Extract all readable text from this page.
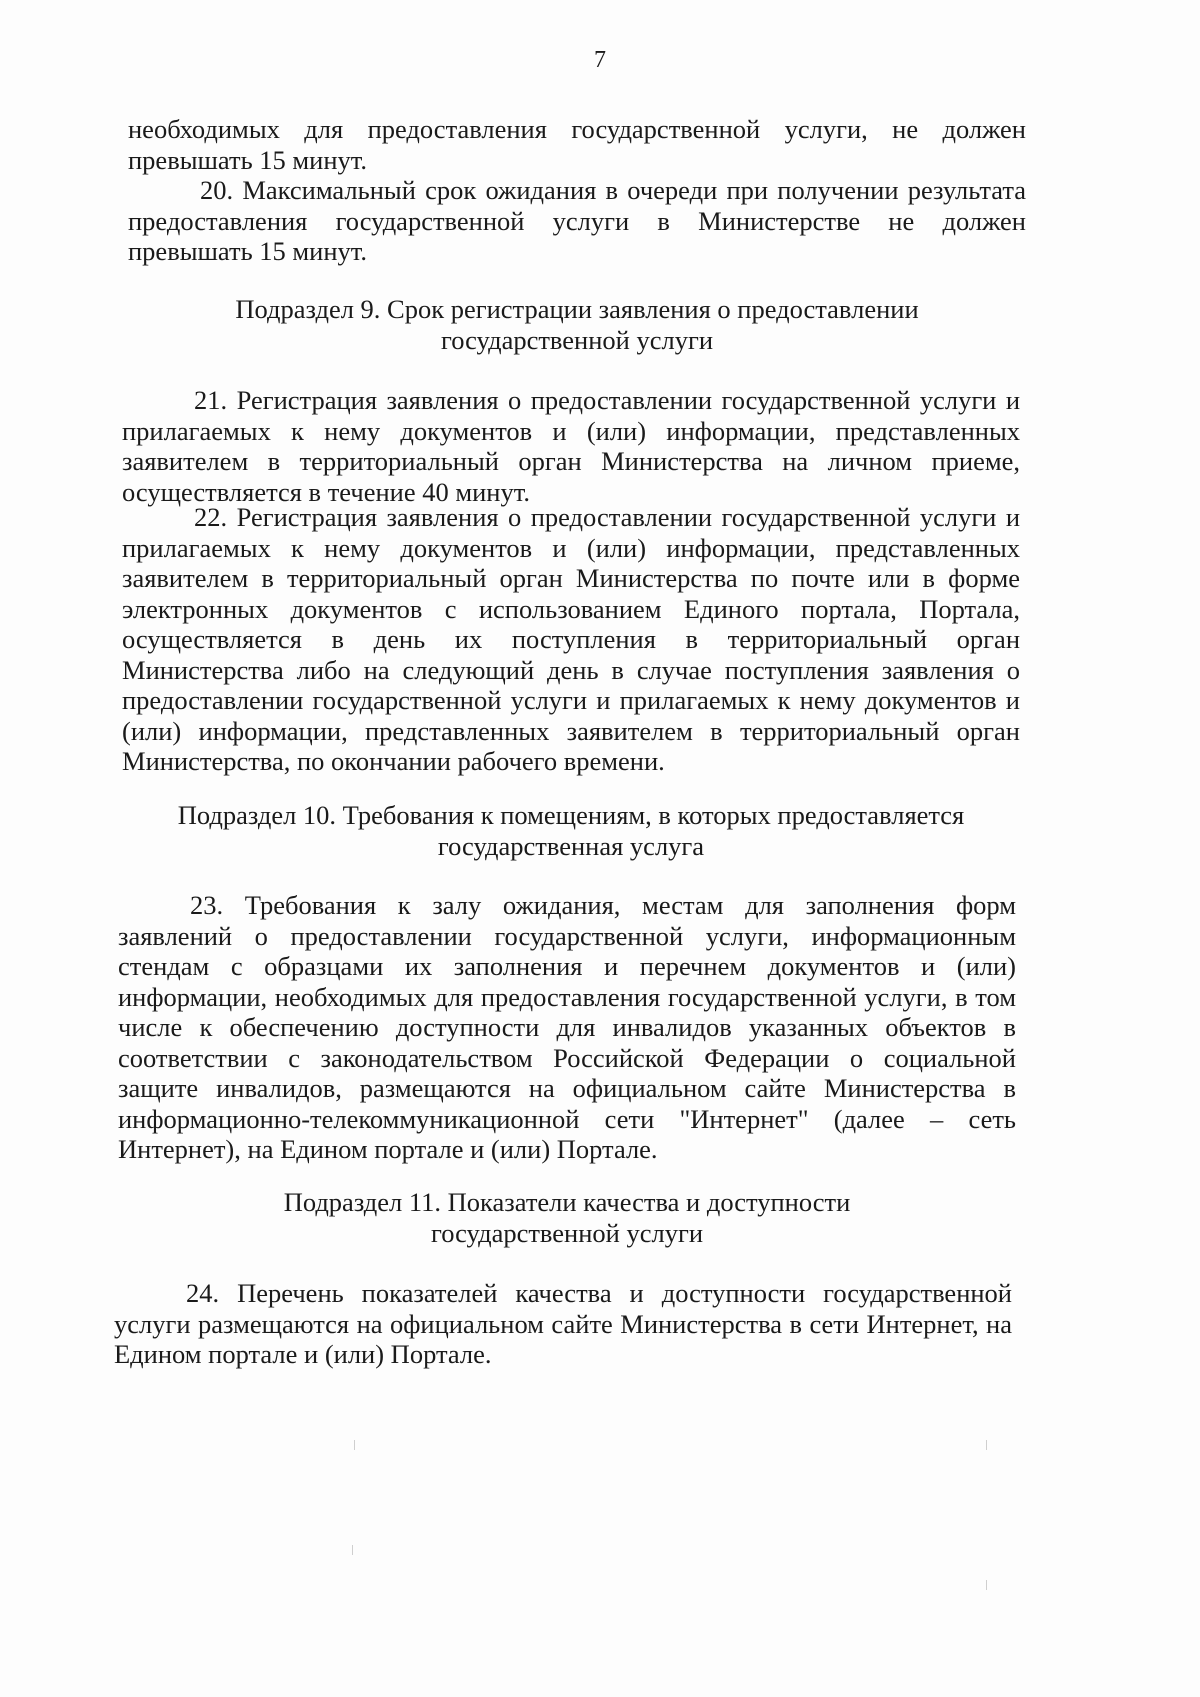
7

необходимых для предоставления государственной услуги, не должен превышать 15 минут.

20. Максимальный срок ожидания в очереди при получении результата предоставления государственной услуги в Министерстве не должен превышать 15 минут.

Подраздел 9. Срок регистрации заявления о предоставлении
государственной услуги

21. Регистрация заявления о предоставлении государственной услуги и прилагаемых к нему документов и (или) информации, представленных заявителем в территориальный орган Министерства на личном приеме, осуществляется в течение 40 минут.

22. Регистрация заявления о предоставлении государственной услуги и прилагаемых к нему документов и (или) информации, представленных заявителем в территориальный орган Министерства по почте или в форме электронных документов с использованием Единого портала, Портала, осуществляется в день их поступления в территориальный орган Министерства либо на следующий день в случае поступления заявления о предоставлении государственной услуги и прилагаемых к нему документов и (или) информации, представленных заявителем в территориальный орган Министерства, по окончании рабочего времени.

Подраздел 10. Требования к помещениям, в которых предоставляется
государственная услуга

23. Требования к залу ожидания, местам для заполнения форм заявлений о предоставлении государственной услуги, информационным стендам с образцами их заполнения и перечнем документов и (или) информации, необходимых для предоставления государственной услуги, в том числе к обеспечению доступности для инвалидов указанных объектов в соответствии с законодательством Российской Федерации о социальной защите инвалидов, размещаются на официальном сайте Министерства в информационно-телекоммуникационной сети "Интернет" (далее – сеть Интернет), на Едином портале и (или) Портале.

Подраздел 11. Показатели качества и доступности
государственной услуги

24. Перечень показателей качества и доступности государственной услуги размещаются на официальном сайте Министерства в сети Интернет, на Едином портале и (или) Портале.
